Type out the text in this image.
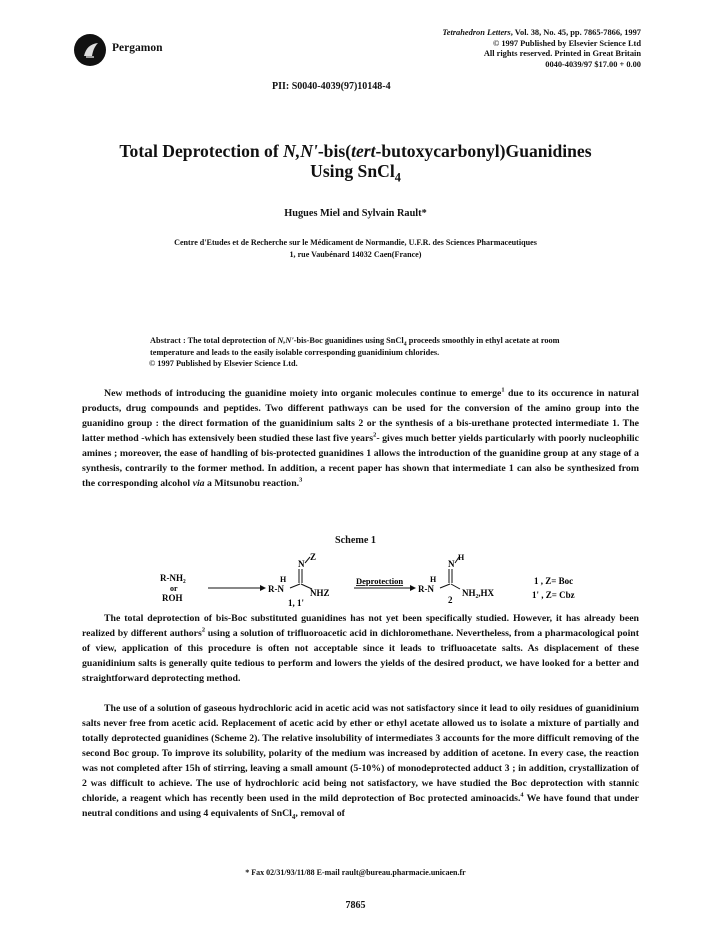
Pergamon
Tetrahedron Letters, Vol. 38, No. 45, pp. 7865-7866, 1997
© 1997 Published by Elsevier Science Ltd
All rights reserved. Printed in Great Britain
0040-4039/97 $17.00 + 0.00
PII: S0040-4039(97)10148-4
Total Deprotection of N,N'-bis(tert-butoxycarbonyl)Guanidines
Using SnCl$_4$
Hugues Miel and Sylvain Rault*
Centre d'Etudes et de Recherche sur le Médicament de Normandie, U.F.R. des Sciences Pharmaceutiques
1, rue Vaubénard 14032 Caen(France)
Abstract : The total deprotection of N,N'-bis-Boc guanidines using SnCl$_4$ proceeds smoothly in ethyl acetate at room temperature and leads to the easily isolable corresponding guanidinium chlorides.
© 1997 Published by Elsevier Science Ltd.
New methods of introducing the guanidine moiety into organic molecules continue to emerge$^1$ due to its occurence in natural products, drug compounds and peptides. Two different pathways can be used for the conversion of the amino group into the guanidino group : the direct formation of the guanidinium salts 2 or the synthesis of a bis-urethane protected intermediate 1. The latter method -which has extensively been studied these last five years$^2$- gives much better yields particularly with poorly nucleophilic amines ; moreover, the ease of handling of bis-protected guanidines 1 allows the introduction of the guanidine group at any stage of a synthesis, contrarily to the former method. In addition, a recent paper has shown that intermediate 1 can also be synthesized from the corresponding alcohol via a Mitsunobu reaction.$^3$
Scheme 1
R-NH₂
or
ROH
N
Z
H
R-N	NHZ
1, 1'
Deprotection
N
H
H
R-N	NH₂,HX
2
1 , Z= Boc
1' , Z= Cbz
The total deprotection of bis-Boc substituted guanidines has not yet been specifically studied. However, it has already been realized by different authors$^2$ using a solution of trifluoroacetic acid in dichloromethane. Nevertheless, from a pharmacological point of view, application of this procedure is often not acceptable since it leads to trifluoacetate salts. As displacement of these guanidinium salts is generally quite tedious to perform and lowers the yields of the desired product, we have looked for a better and straightforward deprotecting method.
The use of a solution of gaseous hydrochloric acid in acetic acid was not satisfactory since it lead to oily residues of guanidinium salts never free from acetic acid. Replacement of acetic acid by ether or ethyl acetate allowed us to isolate a mixture of partially and totally deprotected guanidines (Scheme 2). The relative insolubility of intermediates 3 accounts for the more difficult removing of the second Boc group. To improve its solubility, polarity of the medium was increased by addition of acetone. In every case, the reaction was not completed after 15h of stirring, leaving a small amount (5-10%) of monodeprotected adduct 3 ; in addition, crystallization of 2 was difficult to achieve. The use of hydrochloric acid being not satisfactory, we have studied the Boc deprotection with stannic chloride, a reagent which has recently been used in the mild deprotection of Boc protected aminoacids.$^4$ We have found that under neutral conditions and using 4 equivalents of SnCl$_4$, removal of
* Fax 02/31/93/11/88 E-mail rault@bureau.pharmacie.unicaen.fr
7865
